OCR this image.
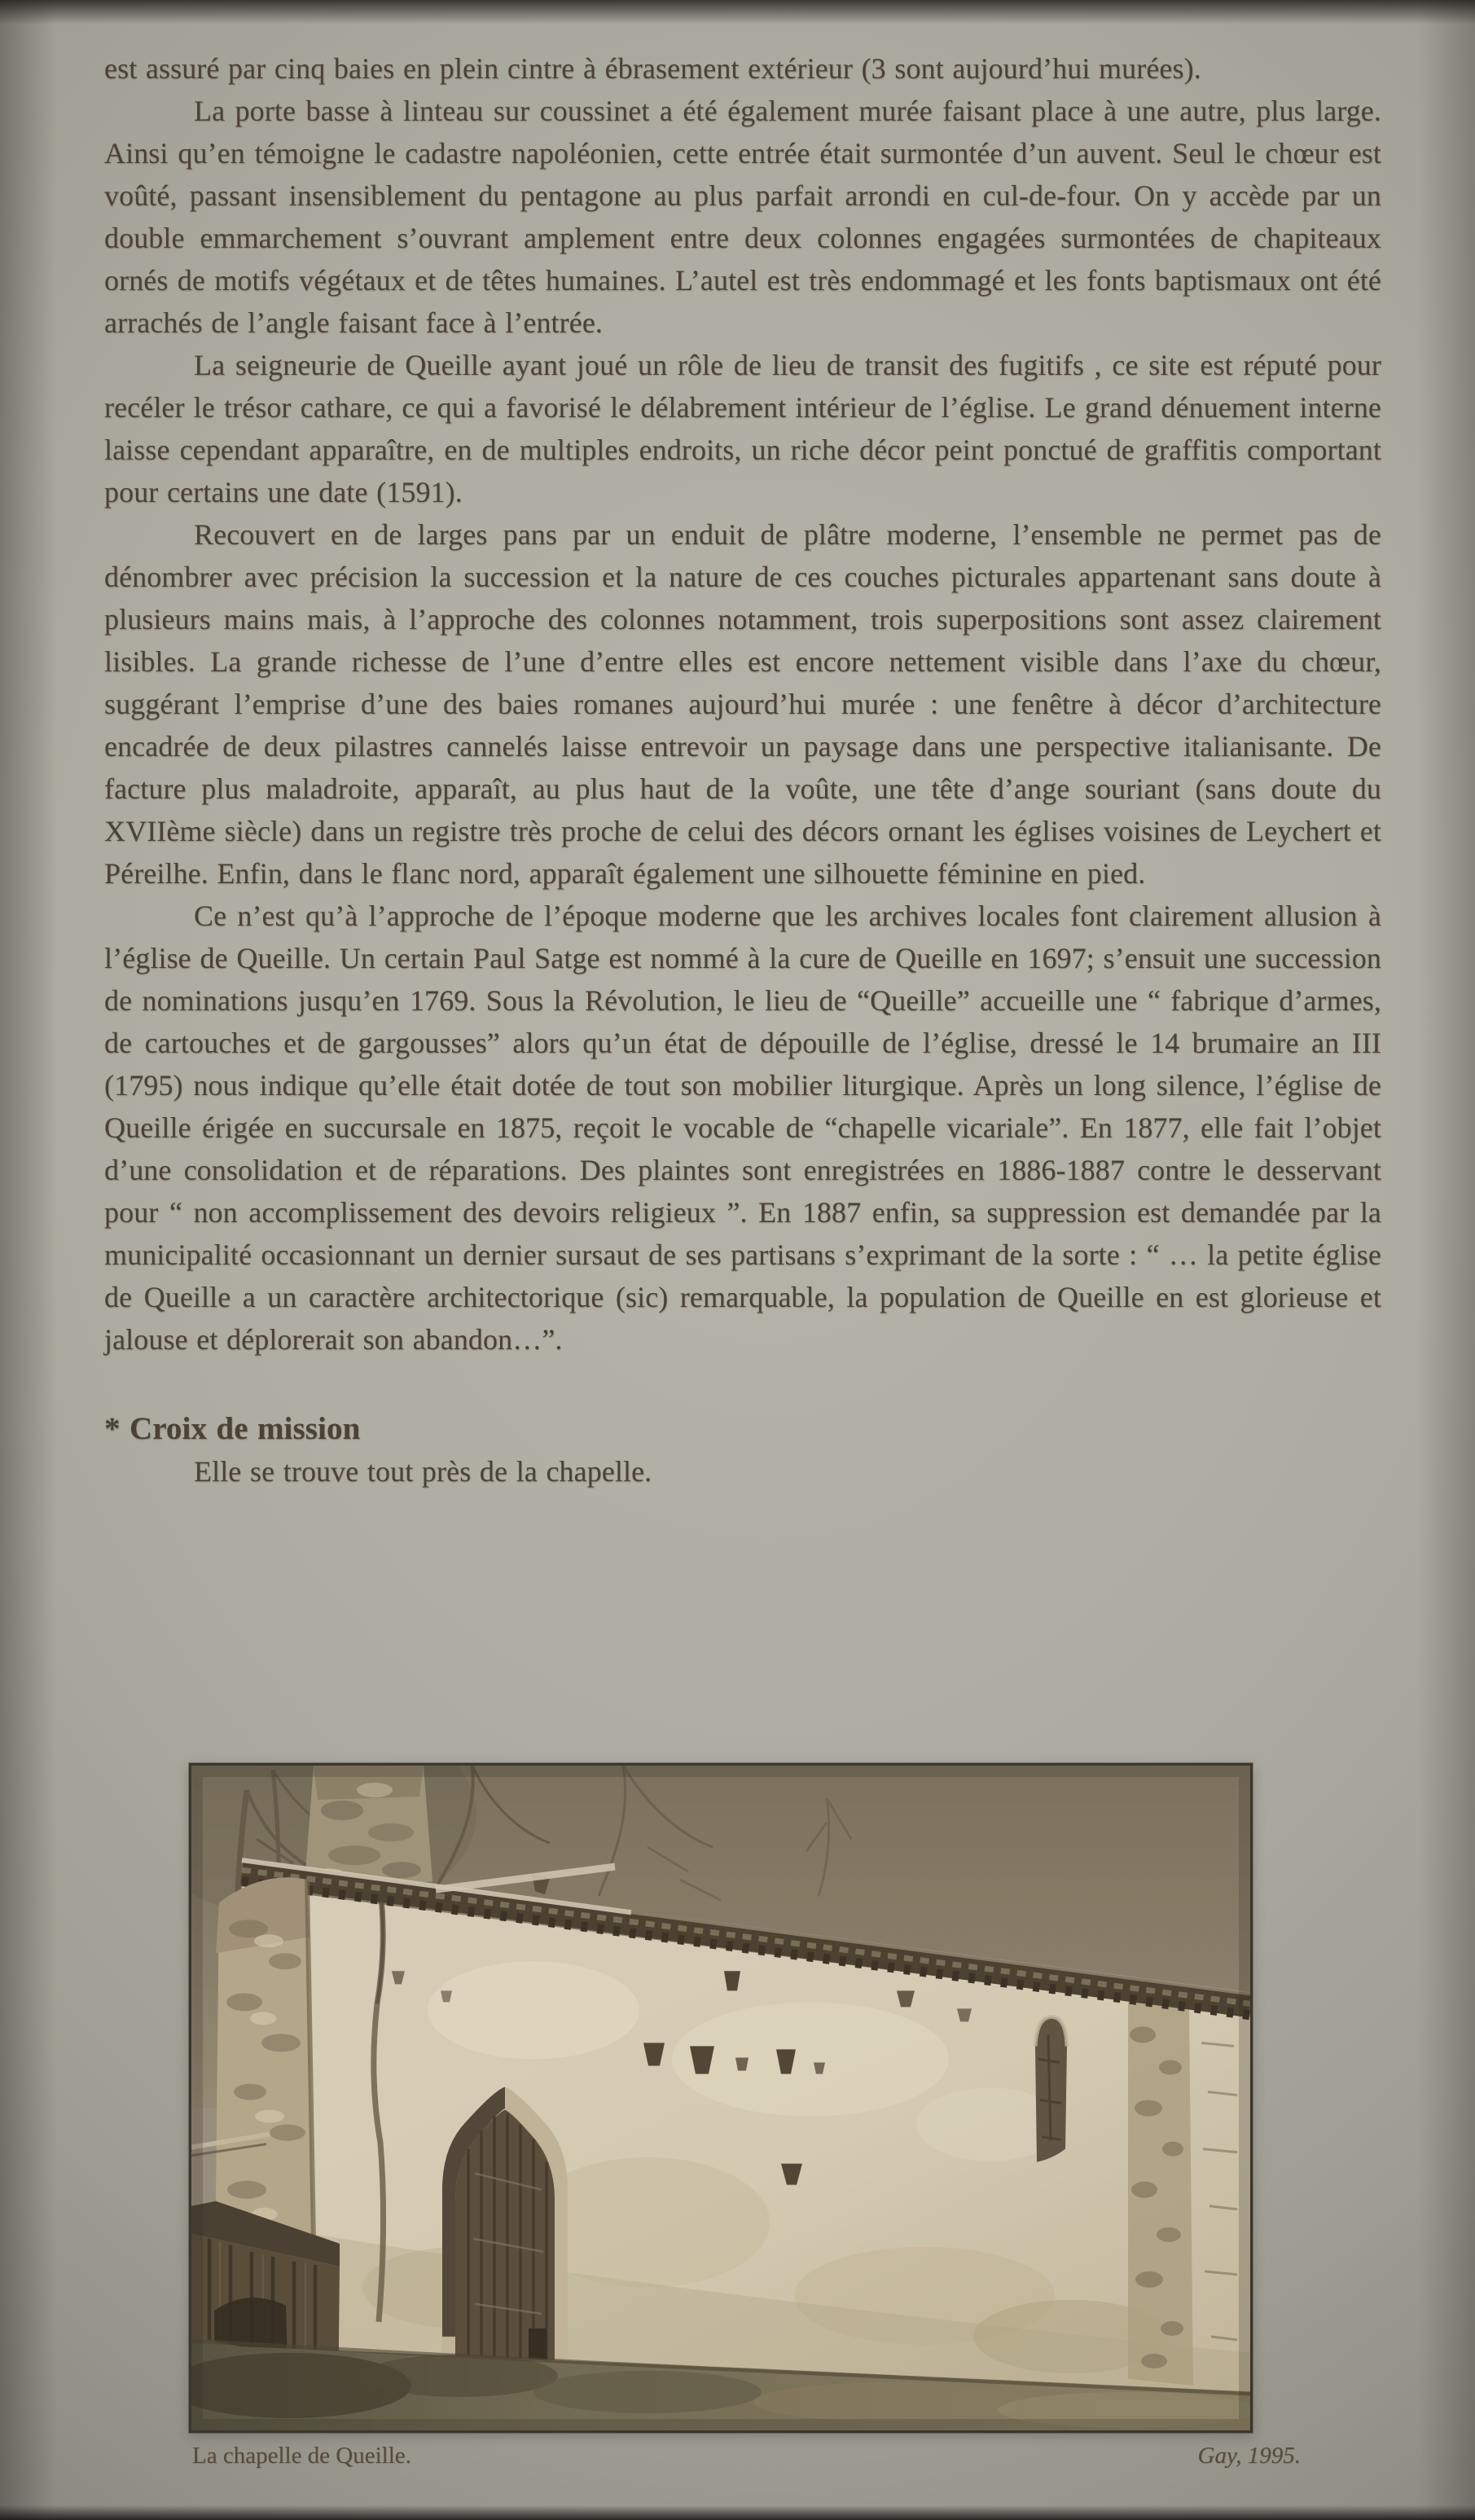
est assuré par cinq baies en plein cintre à ébrasement extérieur (3 sont aujourd’hui murées).

La porte basse à linteau sur coussinet a été également murée faisant place à une autre, plus large. Ainsi qu’en témoigne le cadastre napoléonien, cette entrée était surmontée d’un auvent. Seul le chœur est voûté, passant insensiblement du pentagone au plus parfait arrondi en cul-de-four. On y accède par un double emmarchement s’ouvrant amplement entre deux colonnes engagées surmontées de chapiteaux ornés de motifs végétaux et de têtes humaines. L’autel est très endommagé et les fonts baptismaux ont été arrachés de l’angle faisant face à l’entrée.

La seigneurie de Queille ayant joué un rôle de lieu de transit des fugitifs , ce site est réputé pour recéler le trésor cathare, ce qui a favorisé le délabrement intérieur de l’église. Le grand dénuement interne laisse cependant apparaître, en de multiples endroits, un riche décor peint ponctué de graffitis comportant pour certains une date (1591).

Recouvert en de larges pans par un enduit de plâtre moderne, l’ensemble ne permet pas de dénombrer avec précision la succession et la nature de ces couches picturales appartenant sans doute à plusieurs mains mais, à l’approche des colonnes notamment, trois superpositions sont assez clairement lisibles. La grande richesse de l’une d’entre elles est encore nettement visible dans l’axe du chœur, suggérant l’emprise d’une des baies romanes aujourd’hui murée : une fenêtre à décor d’architecture encadrée de deux pilastres cannelés laisse entrevoir un paysage dans une perspective italianisante. De facture plus maladroite, apparaît, au plus haut de la voûte, une tête d’ange souriant (sans doute du XVIIème siècle) dans un registre très proche de celui des décors ornant les églises voisines de Leychert et Péreilhe. Enfin, dans le flanc nord, apparaît également une silhouette féminine en pied.

Ce n’est qu’à l’approche de l’époque moderne que les archives locales font clairement allusion à l’église de Queille. Un certain Paul Satge est nommé à la cure de Queille en 1697; s’ensuit une succession de nominations jusqu’en 1769. Sous la Révolution, le lieu de “Queille” accueille une “ fabrique d’armes, de cartouches et de gargousses” alors qu’un état de dépouille de l’église, dressé le 14 brumaire an III (1795) nous indique qu’elle était dotée de tout son mobilier liturgique. Après un long silence, l’église de Queille érigée en succursale en 1875, reçoit le vocable de “chapelle vicariale”. En 1877, elle fait l’objet d’une consolidation et de réparations. Des plaintes sont enregistrées en 1886-1887 contre le desservant pour “ non accomplissement des devoirs religieux ”. En 1887 enfin, sa suppression est demandée par la municipalité occasionnant un dernier sursaut de ses partisans s’exprimant de la sorte : “ … la petite église de Queille a un caractère architectorique (sic) remarquable, la population de Queille en est glorieuse et jalouse et déplorerait son abandon…”.

* Croix de mission

Elle se trouve tout près de la chapelle.

La chapelle de Queille.	Gay, 1995.
